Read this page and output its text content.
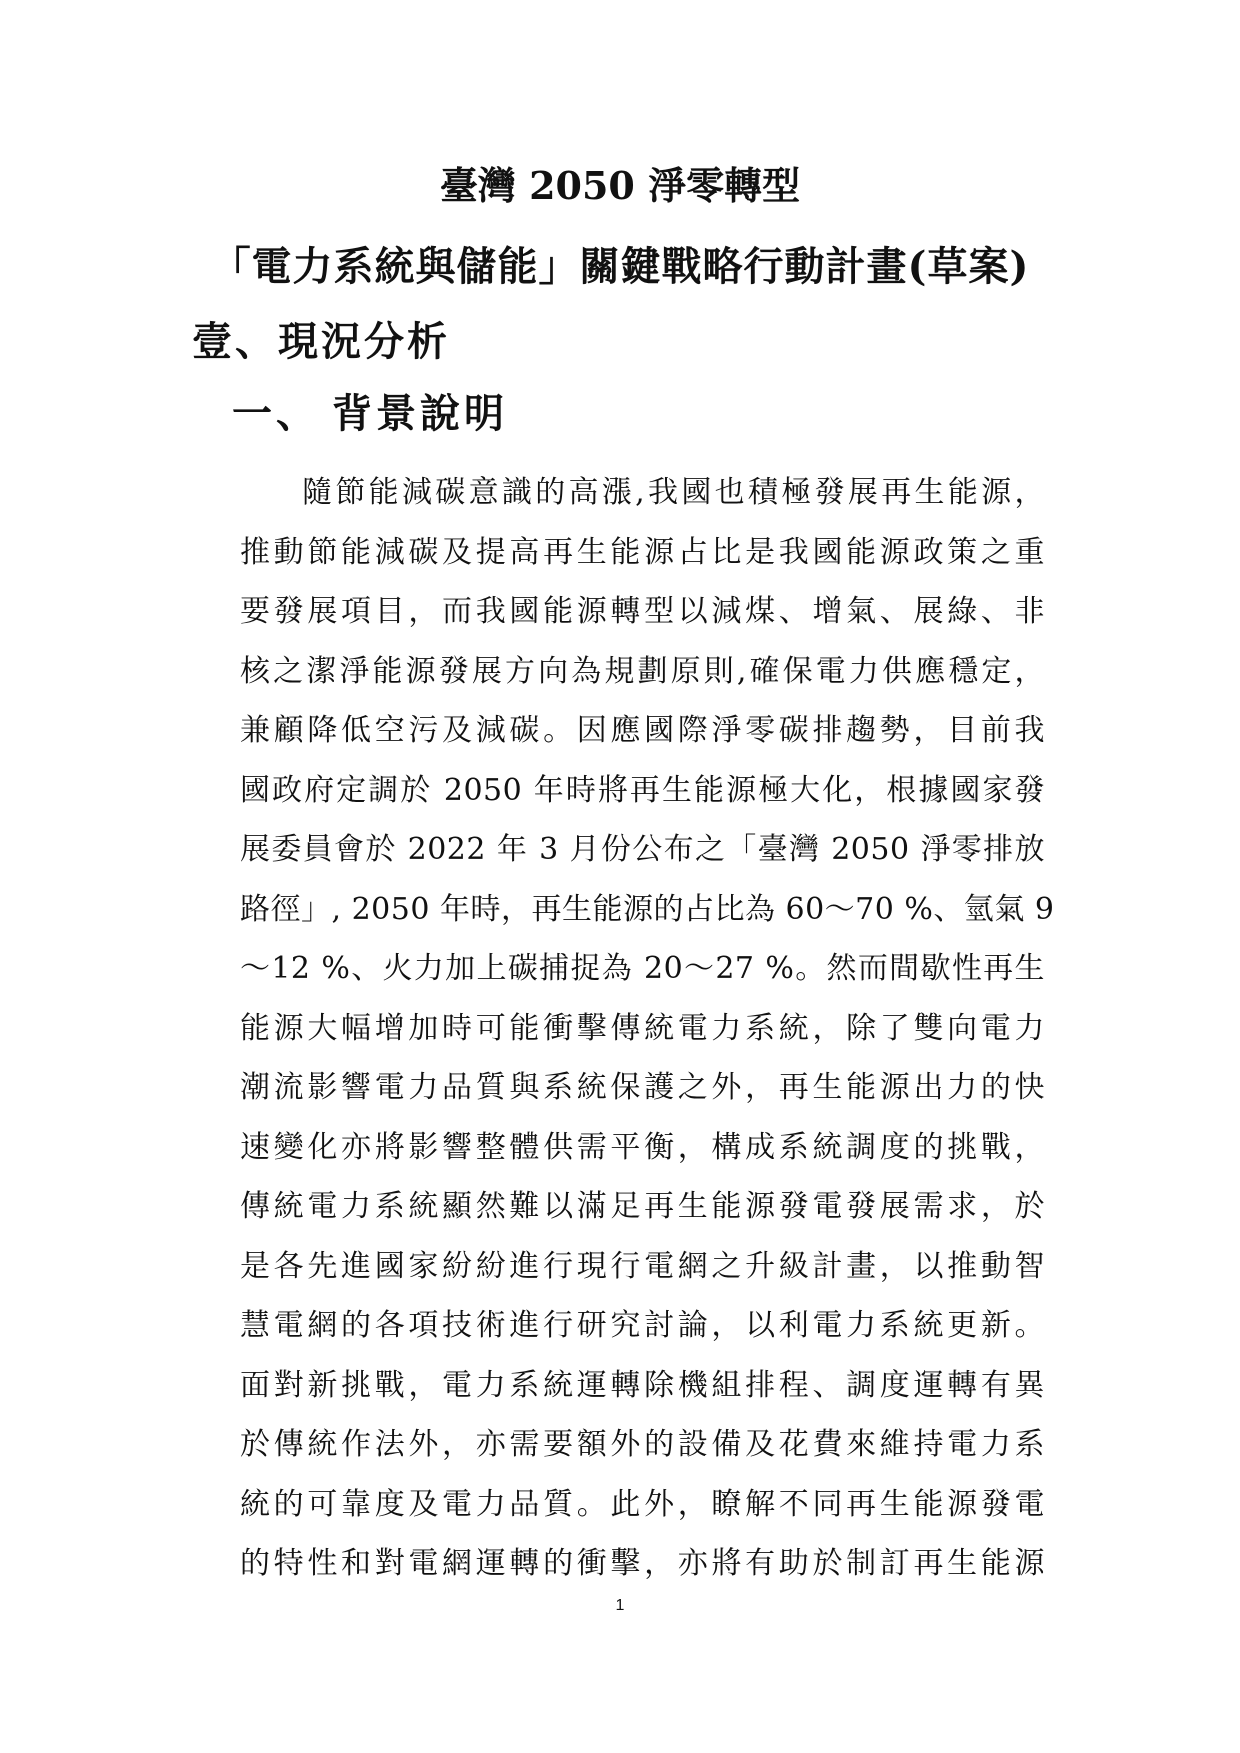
臺灣 2050 淨零轉型
「電力系統與儲能」關鍵戰略行動計畫(草案)
壹、現況分析
一、 背景說明
隨節能減碳意識的高漲,我國也積極發展再生能源，
推動節能減碳及提高再生能源占比是我國能源政策之重
要發展項目，而我國能源轉型以減煤、增氣、展綠、非
核之潔淨能源發展方向為規劃原則,確保電力供應穩定，
兼顧降低空污及減碳。因應國際淨零碳排趨勢，目前我
國政府定調於 2050 年時將再生能源極大化，根據國家發
展委員會於 2022 年 3 月份公布之「臺灣 2050 淨零排放
路徑」, 2050 年時，再生能源的占比為 60～70 %、氫氣 9
～12 %、火力加上碳捕捉為 20～27 %。然而間歇性再生
能源大幅增加時可能衝擊傳統電力系統，除了雙向電力
潮流影響電力品質與系統保護之外，再生能源出力的快
速變化亦將影響整體供需平衡，構成系統調度的挑戰，
傳統電力系統顯然難以滿足再生能源發電發展需求，於
是各先進國家紛紛進行現行電網之升級計畫，以推動智
慧電網的各項技術進行研究討論，以利電力系統更新。
面對新挑戰，電力系統運轉除機組排程、調度運轉有異
於傳統作法外，亦需要額外的設備及花費來維持電力系
統的可靠度及電力品質。此外，瞭解不同再生能源發電
的特性和對電網運轉的衝擊，亦將有助於制訂再生能源
1
